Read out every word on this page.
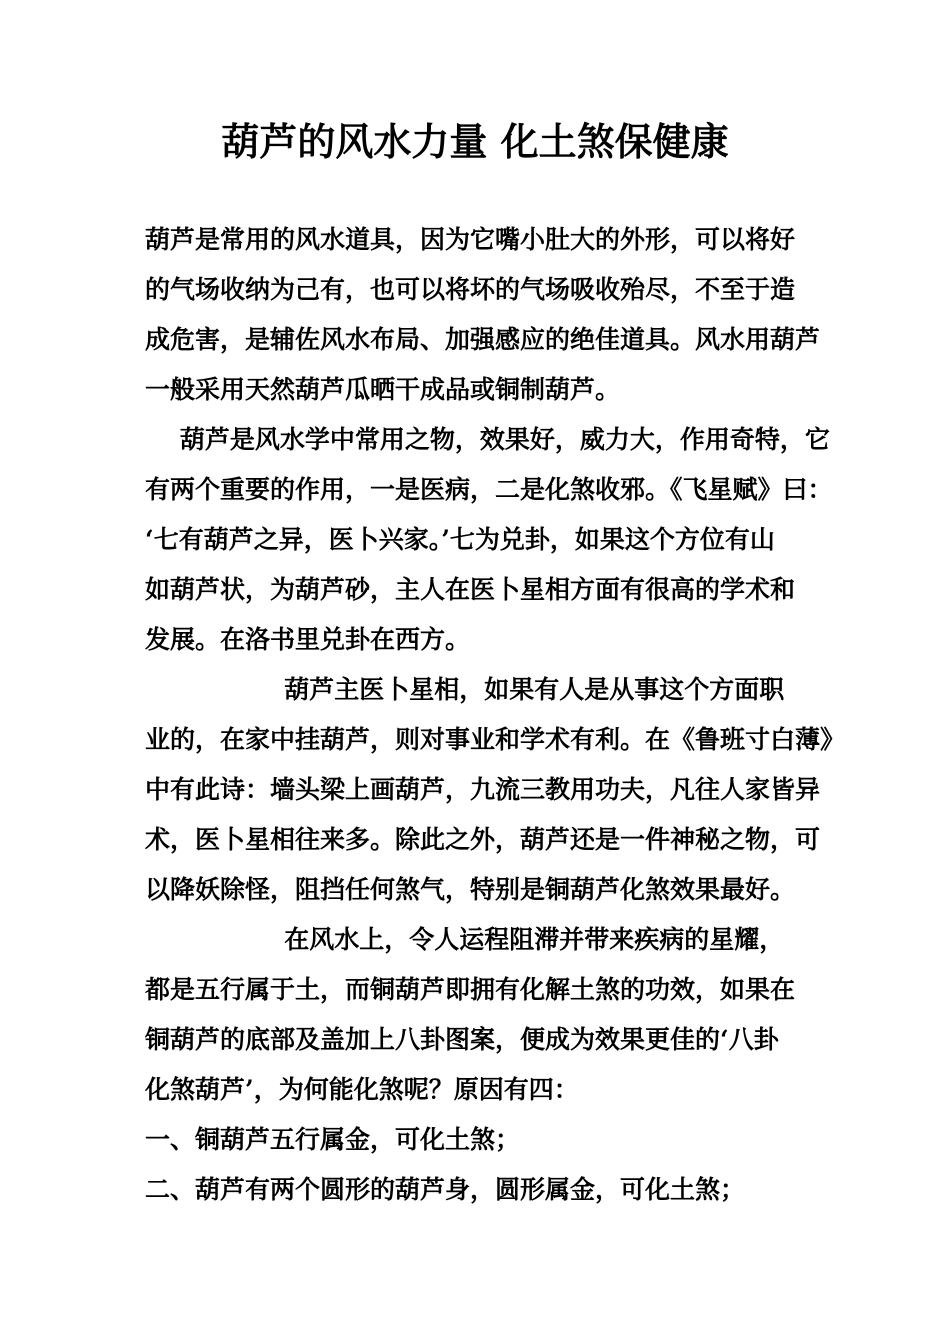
葫芦的风水力量 化土煞保健康
葫芦是常用的风水道具，因为它嘴小肚大的外形，可以将好
的气场收纳为己有，也可以将坏的气场吸收殆尽，不至于造
成危害，是辅佐风水布局、加强感应的绝佳道具。风水用葫芦
一般采用天然葫芦瓜晒干成品或铜制葫芦。
葫芦是风水学中常用之物，效果好，威力大，作用奇特，它
有两个重要的作用，一是医病，二是化煞收邪。《飞星赋》曰：
‘七有葫芦之异，医卜兴家。’七为兑卦，如果这个方位有山
如葫芦状，为葫芦砂，主人在医卜星相方面有很高的学术和
发展。在洛书里兑卦在西方。
葫芦主医卜星相，如果有人是从事这个方面职
业的，在家中挂葫芦，则对事业和学术有利。在《鲁班寸白薄》
中有此诗：墙头梁上画葫芦，九流三教用功夫，凡往人家皆异
术，医卜星相往来多。除此之外，葫芦还是一件神秘之物，可
以降妖除怪，阻挡任何煞气，特别是铜葫芦化煞效果最好。
在风水上，令人运程阻滞并带来疾病的星耀，
都是五行属于土，而铜葫芦即拥有化解土煞的功效，如果在
铜葫芦的底部及盖加上八卦图案，便成为效果更佳的‘八卦
化煞葫芦’，为何能化煞呢？原因有四：
一、铜葫芦五行属金，可化土煞；
二、葫芦有两个圆形的葫芦身，圆形属金，可化土煞；
